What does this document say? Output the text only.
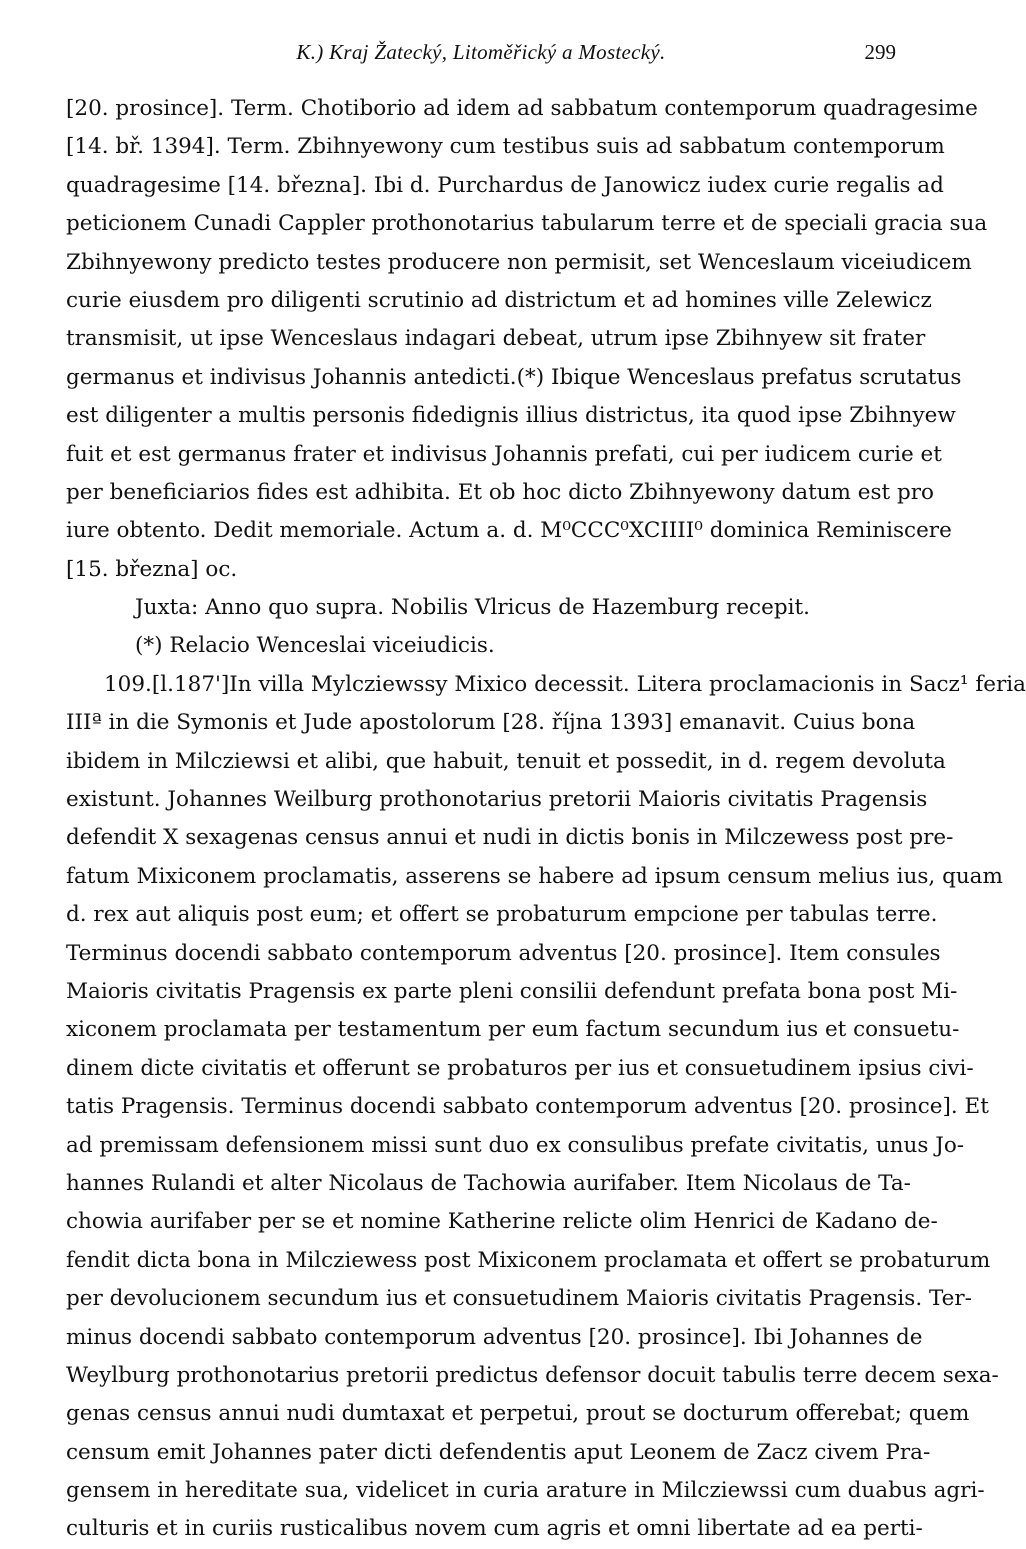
K.) Kraj Žatecký, Litoměřický a Mostecký.	299
[20. prosince]. Term. Chotiborio ad idem ad sabbatum contemporum quadragesime
[14. bř. 1394]. Term. Zbihnyewony cum testibus suis ad sabbatum contemporum
quadragesime [14. března]. Ibi d. Purchardus de Janowicz iudex curie regalis ad
peticionem Cunadi Cappler prothonotarius tabularum terre et de speciali gracia sua
Zbihnyewony predicto testes producere non permisit, set Wenceslaum viceiudicem
curie eiusdem pro diligenti scrutinio ad districtum et ad homines ville Zelewicz
transmisit, ut ipse Wenceslaus indagari debeat, utrum ipse Zbihnyew sit frater
germanus et indivisus Johannis antedicti.(*) Ibique Wenceslaus prefatus scrutatus
est diligenter a multis personis fidedignis illius districtus, ita quod ipse Zbihnyew
fuit et est germanus frater et indivisus Johannis prefati, cui per iudicem curie et
per beneficiarios fides est adhibita. Et ob hoc dicto Zbihnyewony datum est pro
iure obtento. Dedit memoriale. Actum a. d. M⁰CCC⁰XCIIII⁰ dominica Reminiscere
[15. března] oc.
Juxta: Anno quo supra. Nobilis Vlricus de Hazemburg recepit.
(*) Relacio Wenceslai viceiudicis.
109.[l.187']In villa Mylcziewssy Mixico decessit. Litera proclamacionis in Sacz¹ feria
IIIª in die Symonis et Jude apostolorum [28. října 1393] emanavit. Cuius bona
ibidem in Milcziewsi et alibi, que habuit, tenuit et possedit, in d. regem devoluta
existunt. Johannes Weilburg prothonotarius pretorii Maioris civitatis Pragensis
defendit X sexagenas census annui et nudi in dictis bonis in Milczewess post pre-
fatum Mixiconem proclamatis, asserens se habere ad ipsum censum melius ius, quam
d. rex aut aliquis post eum; et offert se probaturum empcione per tabulas terre.
Terminus docendi sabbato contemporum adventus [20. prosince]. Item consules
Maioris civitatis Pragensis ex parte pleni consilii defendunt prefata bona post Mi-
xiconem proclamata per testamentum per eum factum secundum ius et consuetu-
dinem dicte civitatis et offerunt se probaturos per ius et consuetudinem ipsius civi-
tatis Pragensis. Terminus docendi sabbato contemporum adventus [20. prosince]. Et
ad premissam defensionem missi sunt duo ex consulibus prefate civitatis, unus Jo-
hannes Rulandi et alter Nicolaus de Tachowia aurifaber. Item Nicolaus de Ta-
chowia aurifaber per se et nomine Katherine relicte olim Henrici de Kadano de-
fendit dicta bona in Milcziewess post Mixiconem proclamata et offert se probaturum
per devolucionem secundum ius et consuetudinem Maioris civitatis Pragensis. Ter-
minus docendi sabbato contemporum adventus [20. prosince]. Ibi Johannes de
Weylburg prothonotarius pretorii predictus defensor docuit tabulis terre decem sexa-
genas census annui nudi dumtaxat et perpetui, prout se docturum offerebat; quem
censum emit Johannes pater dicti defendentis aput Leonem de Zacz civem Pra-
gensem in hereditate sua, videlicet in curia arature in Milcziewssi cum duabus agri-
culturis et in curiis rusticalibus novem cum agris et omni libertate ad ea perti-
